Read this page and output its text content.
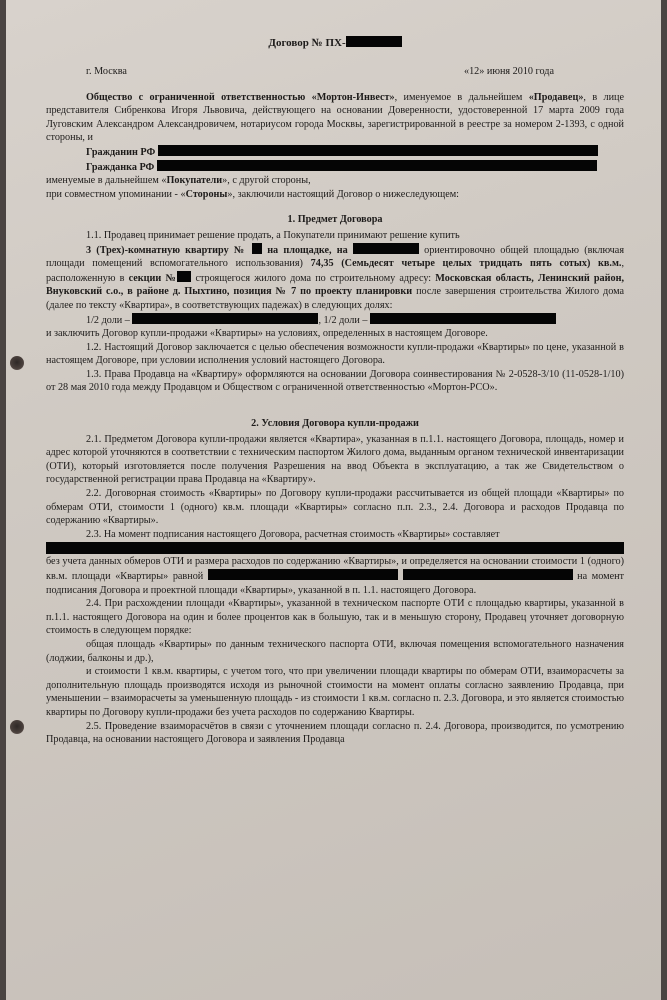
Договор № ПХ-
г. Москва	«12» июня 2010 года

Общество с ограниченной ответственностью «Мортон-Инвест», именуемое в дальнейшем «Продавец», в лице представителя Сибренкова Игоря Львовича, действующего на основании Доверенности, удостоверенной 17 марта 2009 года Луговским Александром Александровичем, нотариусом города Москвы, зарегистрированной в реестре за номером 2-1393, с одной стороны, и

Гражданин РФ

Гражданка РФ

именуемые в дальнейшем «Покупатели», с другой стороны,

при совместном упоминании - «Стороны», заключили настоящий Договор о нижеследующем:

1. Предмет Договора

1.1. Продавец принимает решение продать, а Покупатели принимают решение купить

3 (Трех)-комнатную квартиру № на площадке, на	ориентировочно общей площадью (включая площади помещений вспомогательного использования) 74,35 (Семьдесят четыре целых тридцать пять сотых) кв.м., расположенную в секции № строящегося жилого дома по строительному адресу: Московская область, Ленинский район, Внуковский с.о., в районе д. Пыхтино, позиция № 7 по проекту планировки после завершения строительства Жилого дома (далее по тексту «Квартира», в соответствующих падежах) в следующих долях:

1/2 доли –	, 1/2 доли –

и заключить Договор купли-продажи «Квартиры» на условиях, определенных в настоящем Договоре.

1.2. Настоящий Договор заключается с целью обеспечения возможности купли-продажи «Квартиры» по цене, указанной в настоящем Договоре, при условии исполнения условий настоящего Договора.

1.3. Права Продавца на «Квартиру» оформляются на основании Договора соинвестирования № 2-0528-3/10 (11-0528-1/10) от 28 мая 2010 года между Продавцом и Обществом с ограниченной ответственностью «Мортон-РСО».

2. Условия Договора купли-продажи

2.1. Предметом Договора купли-продажи является «Квартира», указанная в п.1.1. настоящего Договора, площадь, номер и адрес которой уточняются в соответствии с техническим паспортом Жилого дома, выданным органом технической инвентаризации (ОТИ), который изготовляется после получения Разрешения на ввод Объекта в эксплуатацию, а так же Свидетельством о государственной регистрации права Продавца на «Квартиру».

2.2. Договорная стоимость «Квартиры» по Договору купли-продажи рассчитывается из общей площади «Квартиры» по обмерам ОТИ, стоимости 1 (одного) кв.м. площади «Квартиры» согласно п.п. 2.3., 2.4. Договора и расходов Продавца по содержанию «Квартиры».

2.3. На момент подписания настоящего Договора, расчетная стоимость «Квартиры» составляет

без учета данных обмеров ОТИ и размера расходов по содержанию «Квартиры», и определяется на основании стоимости 1 (одного) кв.м. площади «Квартиры» равной	на момент подписания Договора и проектной площади «Квартиры», указанной в п. 1.1. настоящего Договора.

2.4. При расхождении площади «Квартиры», указанной в техническом паспорте ОТИ с площадью квартиры, указанной в п.1.1. настоящего Договора на один и более процентов как в большую, так и в меньшую сторону, Продавец уточняет договорную стоимость в следующем порядке:

общая площадь «Квартиры» по данным технического паспорта ОТИ, включая помещения вспомогательного назначения (лоджии, балконы и др.),

и стоимости 1 кв.м. квартиры, с учетом того, что при увеличении площади квартиры по обмерам ОТИ, взаиморасчеты за дополнительную площадь производятся исходя из рыночной стоимости на момент оплаты согласно заявлению Продавца, при уменьшении – взаиморасчеты за уменьшенную площадь - из стоимости 1 кв.м. согласно п. 2.3. Договора, и это является стоимостью квартиры по Договору купли-продажи без учета расходов по содержанию Квартиры.

2.5. Проведение взаиморасчётов в связи с уточнением площади согласно п. 2.4. Договора, производится, по усмотрению Продавца, на основании настоящего Договора и заявления Продавца
